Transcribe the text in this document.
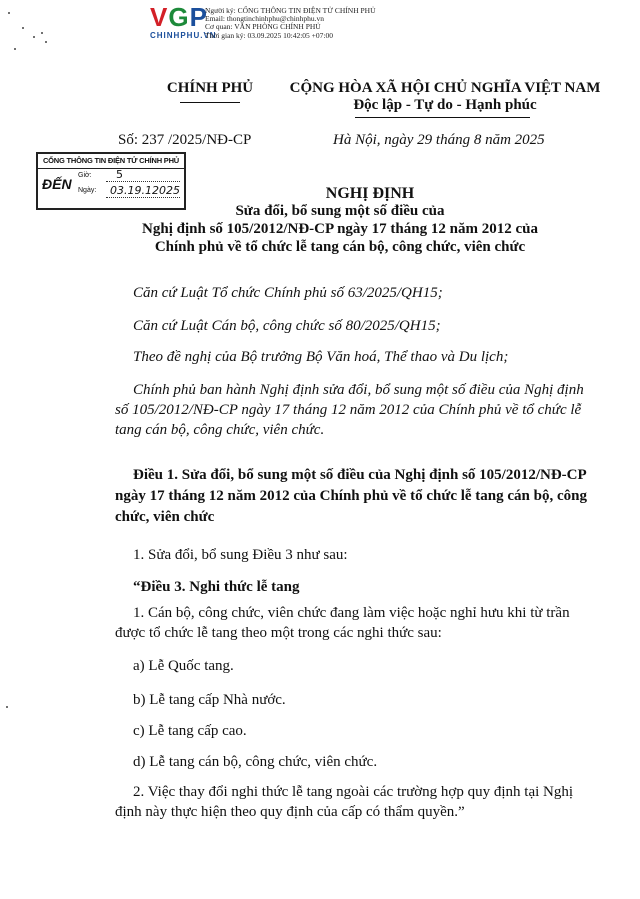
VGP
CHINHPHU.VN
Người ký: CỔNG THÔNG TIN ĐIỆN TỬ CHÍNH PHỦ
Email: thongtinchinhphu@chinhphu.vn
Cơ quan: VĂN PHÒNG CHÍNH PHỦ
Thời gian ký: 03.09.2025 10:42:05 +07:00
CHÍNH PHỦ	CỘNG HÒA XÃ HỘI CHỦ NGHĨA VIỆT NAM
Độc lập - Tự do - Hạnh phúc
Số: 237 /2025/NĐ-CP	Hà Nội, ngày 29 tháng 8 năm 2025
CỔNG THÔNG TIN ĐIỆN TỬ CHÍNH PHỦ
ĐẾN
Giờ: 5
Ngày: 03.19.12025	NGHỊ ĐỊNH
Sửa đổi, bổ sung một số điều của
Nghị định số 105/2012/NĐ-CP ngày 17 tháng 12 năm 2012 của
Chính phủ về tổ chức lễ tang cán bộ, công chức, viên chức
Căn cứ Luật Tổ chức Chính phủ số 63/2025/QH15;
Căn cứ Luật Cán bộ, công chức số 80/2025/QH15;
Theo đề nghị của Bộ trưởng Bộ Văn hoá, Thể thao và Du lịch;
Chính phủ ban hành Nghị định sửa đổi, bổ sung một số điều của Nghị định số 105/2012/NĐ-CP ngày 17 tháng 12 năm 2012 của Chính phủ về tổ chức lễ tang cán bộ, công chức, viên chức.
Điều 1. Sửa đổi, bổ sung một số điều của Nghị định số 105/2012/NĐ-CP ngày 17 tháng 12 năm 2012 của Chính phủ về tổ chức lễ tang cán bộ, công chức, viên chức
1. Sửa đổi, bổ sung Điều 3 như sau:
“Điều 3. Nghi thức lễ tang
1. Cán bộ, công chức, viên chức đang làm việc hoặc nghỉ hưu khi từ trần được tổ chức lễ tang theo một trong các nghi thức sau:
a) Lễ Quốc tang.
b) Lễ tang cấp Nhà nước.
c) Lễ tang cấp cao.
d) Lễ tang cán bộ, công chức, viên chức.
2. Việc thay đổi nghi thức lễ tang ngoài các trường hợp quy định tại Nghị định này thực hiện theo quy định của cấp có thẩm quyền.”
